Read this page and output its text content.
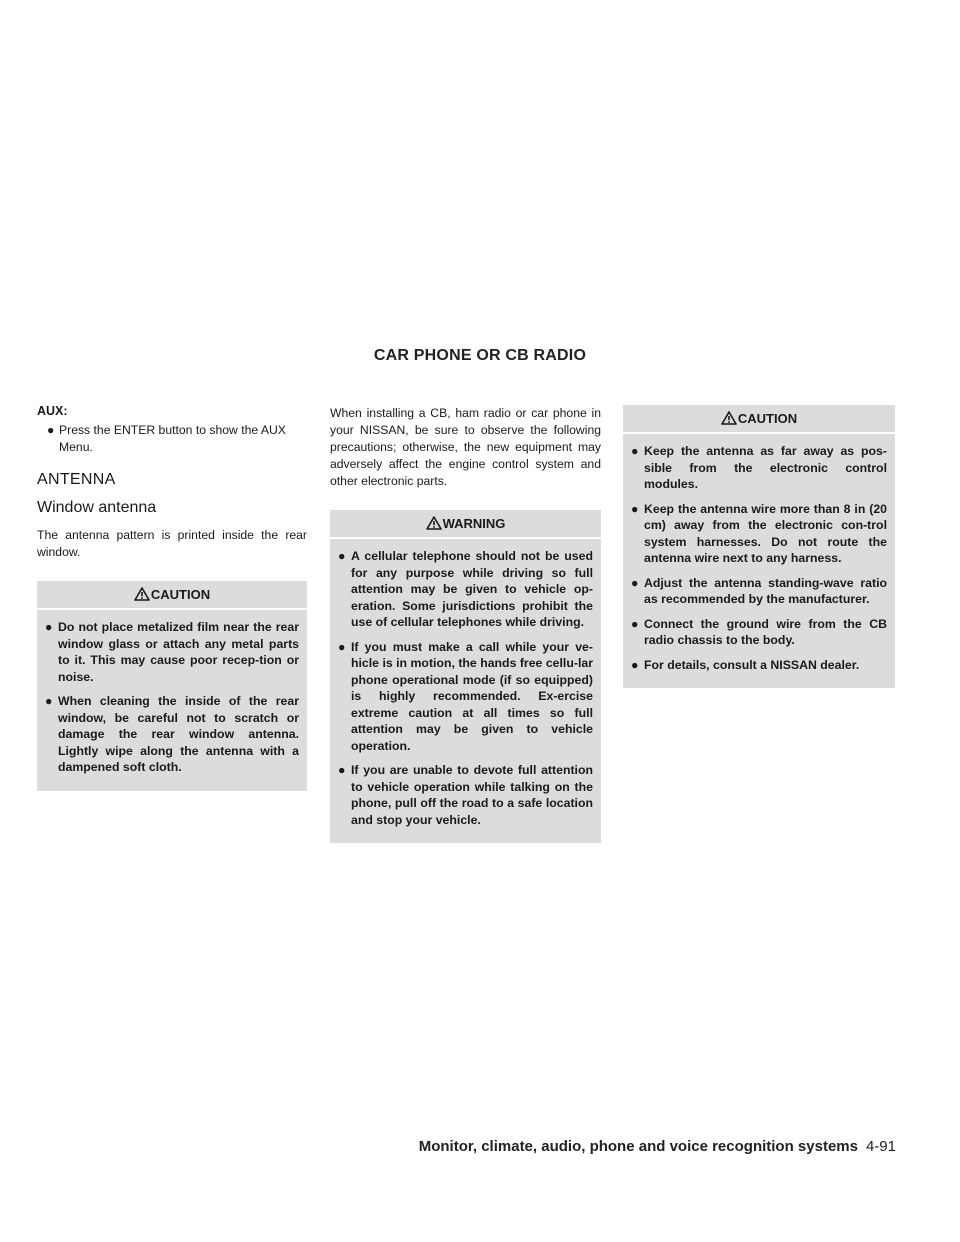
CAR PHONE OR CB RADIO
AUX:
● Press the ENTER button to show the AUX Menu.
ANTENNA
Window antenna

The antenna pattern is printed inside the rear window.

CAUTION
● Do not place metalized film near the rear window glass or attach any metal parts to it. This may cause poor recep-tion or noise.
● When cleaning the inside of the rear window, be careful not to scratch or damage the rear window antenna. Lightly wipe along the antenna with a dampened soft cloth.

When installing a CB, ham radio or car phone in your NISSAN, be sure to observe the following precautions; otherwise, the new equipment may adversely affect the engine control system and other electronic parts.

WARNING
● A cellular telephone should not be used for any purpose while driving so full attention may be given to vehicle op-eration. Some jurisdictions prohibit the use of cellular telephones while driving.
● If you must make a call while your ve-hicle is in motion, the hands free cellu-lar phone operational mode (if so equipped) is highly recommended. Ex-ercise extreme caution at all times so full attention may be given to vehicle operation.
● If you are unable to devote full attention to vehicle operation while talking on the phone, pull off the road to a safe location and stop your vehicle.
CAUTION
● Keep the antenna as far away as pos-sible from the electronic control modules.
● Keep the antenna wire more than 8 in (20 cm) away from the electronic con-trol system harnesses. Do not route the antenna wire next to any harness.
● Adjust the antenna standing-wave ratio as recommended by the manufacturer.
● Connect the ground wire from the CB radio chassis to the body.
● For details, consult a NISSAN dealer.
Monitor, climate, audio, phone and voice recognition systems 4-91
